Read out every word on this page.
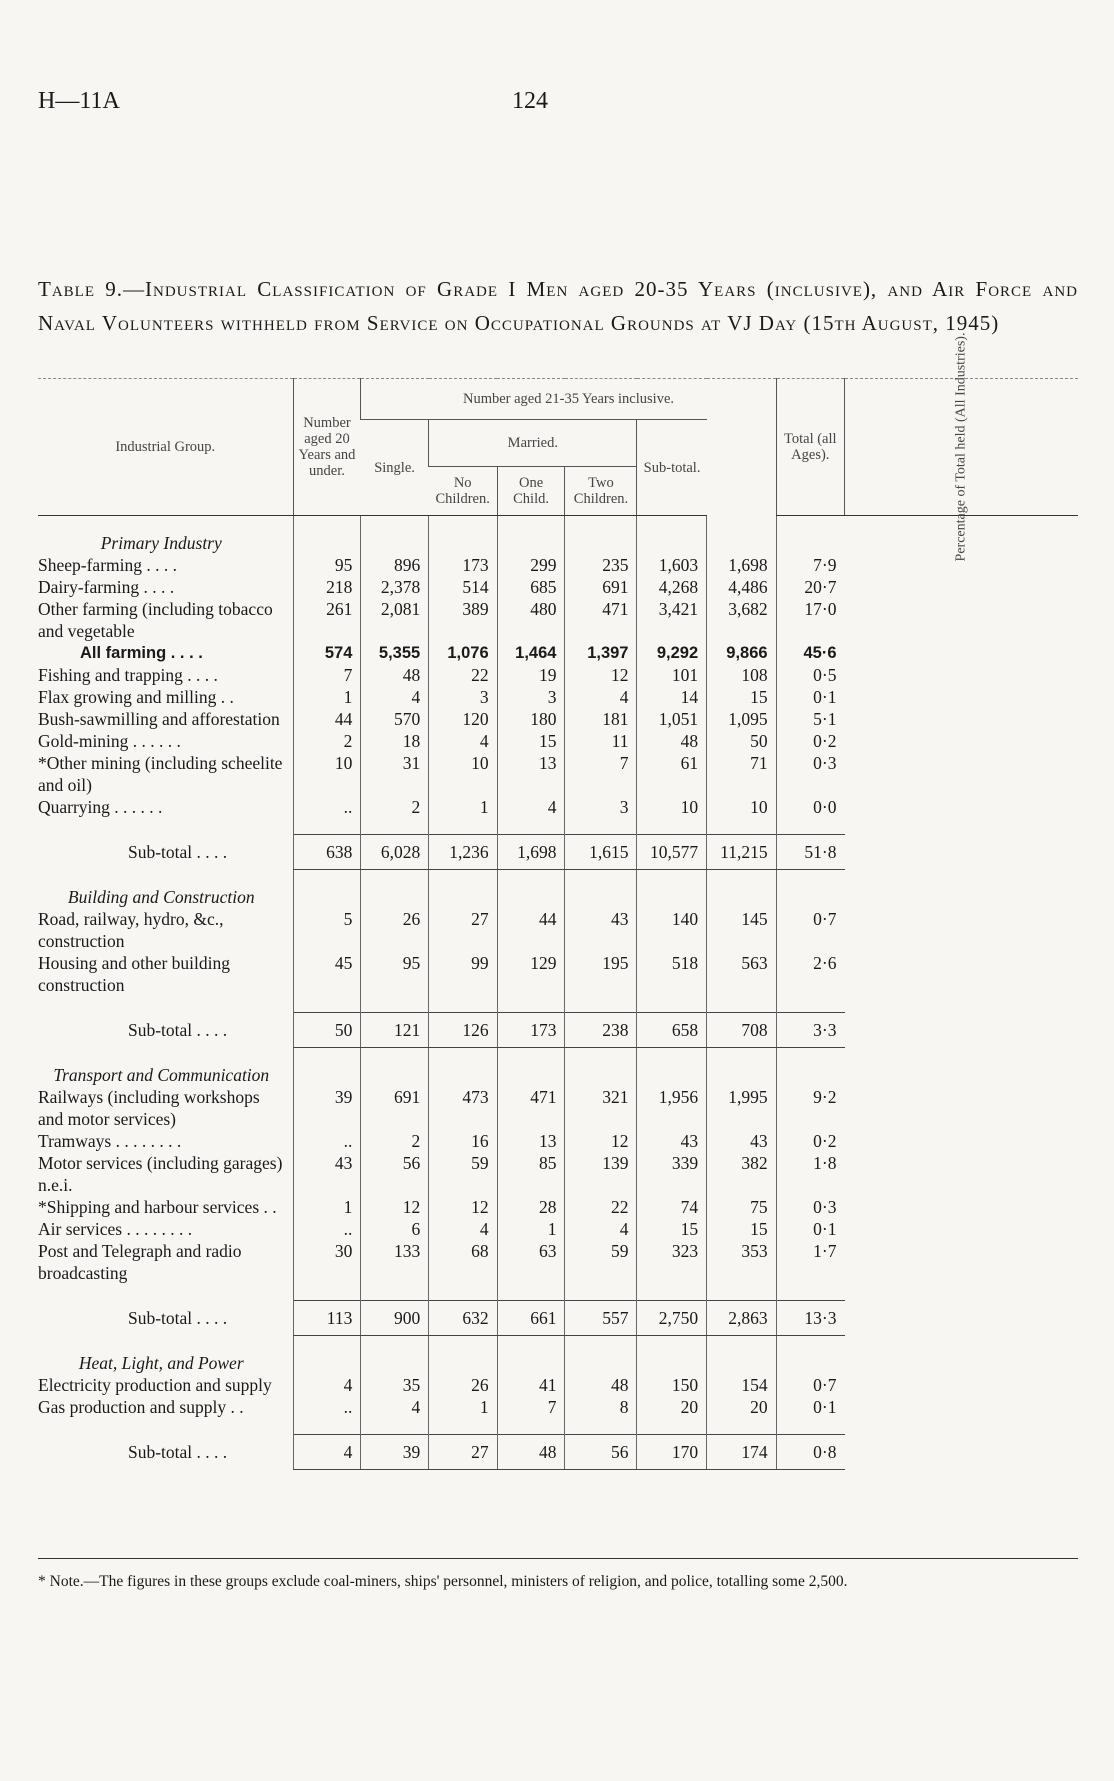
H—11A	124
Table 9.—Industrial Classification of Grade I Men aged 20-35 Years (inclusive), and Air Force and Naval Volunteers withheld from Service on Occupational Grounds at VJ Day (15th August, 1945)
Industrial Group.	Number aged 20 Years and under.	Number aged 21-35 Years inclusive.						Total (all Ages).	Percentage of Total held (All Industries).

		Single.	Married.			Sub-total.			
			No Children.	One Child.	Two Children.				
Primary Industry									
Sheep-farming . . . .	95	896	173	299	235	1,603	1,698	7·9	
Dairy-farming . . . .	218	2,378	514	685	691	4,268	4,486	20·7	
Other farming (including tobacco and vegetable	261	2,081	389	480	471	3,421	3,682	17·0	
All farming . . . .	574	5,355	1,076	1,464	1,397	9,292	9,866	45·6	
Fishing and trapping . . . .	7	48	22	19	12	101	108	0·5	
Flax growing and milling . .	1	4	3	3	4	14	15	0·1	
Bush-sawmilling and afforestation	44	570	120	180	181	1,051	1,095	5·1	
Gold-mining . . . . . .	2	18	4	15	11	48	50	0·2	
*Other mining (including scheelite and oil)	10	31	10	13	7	61	71	0·3	
Quarrying . . . . . .	..	2	1	4	3	10	10	0·0	

Sub-total . . . .	638	6,028	1,236	1,698	1,615	10,577	11,215	51·8	
Building and Construction									
Road, railway, hydro, &c., construction	5	26	27	44	43	140	145	0·7	
Housing and other building construction	45	95	99	129	195	518	563	2·6	

Sub-total . . . .	50	121	126	173	238	658	708	3·3	
Transport and Communication									
Railways (including workshops and motor services)	39	691	473	471	321	1,956	1,995	9·2	
Tramways . . . . . . . .	..	2	16	13	12	43	43	0·2	
Motor services (including garages) n.e.i.	43	56	59	85	139	339	382	1·8	
*Shipping and harbour services . .	1	12	12	28	22	74	75	0·3	
Air services . . . . . . . .	..	6	4	1	4	15	15	0·1	
Post and Telegraph and radio broadcasting	30	133	68	63	59	323	353	1·7	

Sub-total . . . .	113	900	632	661	557	2,750	2,863	13·3	
Heat, Light, and Power									
Electricity production and supply	4	35	26	41	48	150	154	0·7	
Gas production and supply . .	..	4	1	7	8	20	20	0·1	

Sub-total . . . .	4	39	27	48	56	170	174	0·8	
* Note.—The figures in these groups exclude coal-miners, ships' personnel, ministers of religion, and police, totalling some 2,500.
